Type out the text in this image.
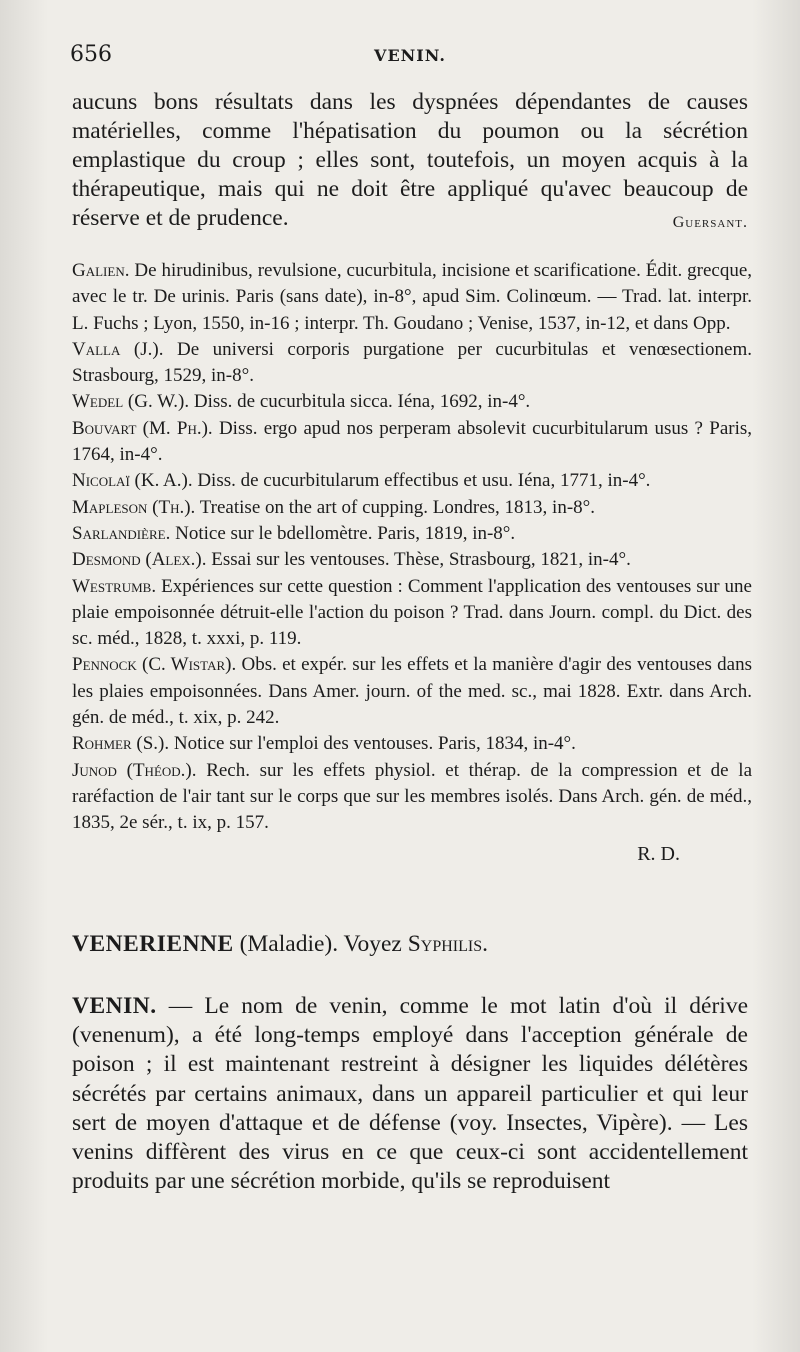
656	VENIN.
aucuns bons résultats dans les dyspnées dépendantes de causes matérielles, comme l'hépatisation du poumon ou la sécrétion emplastique du croup ; elles sont, toutefois, un moyen acquis à la thérapeutique, mais qui ne doit être appliqué qu'avec beaucoup de réserve et de prudence.	Guersant.

Galien. De hirudinibus, revulsione, cucurbitula, incisione et scarificatione. Édit. grecque, avec le tr. De urinis. Paris (sans date), in-8°, apud Sim. Colinœum. — Trad. lat. interpr. L. Fuchs ; Lyon, 1550, in-16 ; interpr. Th. Goudano ; Venise, 1537, in-12, et dans Opp.

Valla (J.). De universi corporis purgatione per cucurbitulas et venœsectionem. Strasbourg, 1529, in-8°.

Wedel (G. W.). Diss. de cucurbitula sicca. Iéna, 1692, in-4°.

Bouvart (M. Ph.). Diss. ergo apud nos perperam absolevit cucurbitularum usus ? Paris, 1764, in-4°.

Nicolaï (K. A.). Diss. de cucurbitularum effectibus et usu. Iéna, 1771, in-4°.

Mapleson (Th.). Treatise on the art of cupping. Londres, 1813, in-8°.

Sarlandière. Notice sur le bdellomètre. Paris, 1819, in-8°.

Desmond (Alex.). Essai sur les ventouses. Thèse, Strasbourg, 1821, in-4°.

Westrumb. Expériences sur cette question : Comment l'application des ventouses sur une plaie empoisonnée détruit-elle l'action du poison ? Trad. dans Journ. compl. du Dict. des sc. méd., 1828, t. xxxi, p. 119.

Pennock (C. Wistar). Obs. et expér. sur les effets et la manière d'agir des ventouses dans les plaies empoisonnées. Dans Amer. journ. of the med. sc., mai 1828. Extr. dans Arch. gén. de méd., t. xix, p. 242.

Rohmer (S.). Notice sur l'emploi des ventouses. Paris, 1834, in-4°.

Junod (Théod.). Rech. sur les effets physiol. et thérap. de la compression et de la raréfaction de l'air tant sur le corps que sur les membres isolés. Dans Arch. gén. de méd., 1835, 2e sér., t. ix, p. 157.

R. D.
VENERIENNE (Maladie). Voyez Syphilis.
VENIN. — Le nom de venin, comme le mot latin d'où il dérive (venenum), a été long-temps employé dans l'acception générale de poison ; il est maintenant restreint à désigner les liquides délétères sécrétés par certains animaux, dans un appareil particulier et qui leur sert de moyen d'attaque et de défense (voy. Insectes, Vipère). — Les venins diffèrent des virus en ce que ceux-ci sont accidentellement produits par une sécrétion morbide, qu'ils se reproduisent
